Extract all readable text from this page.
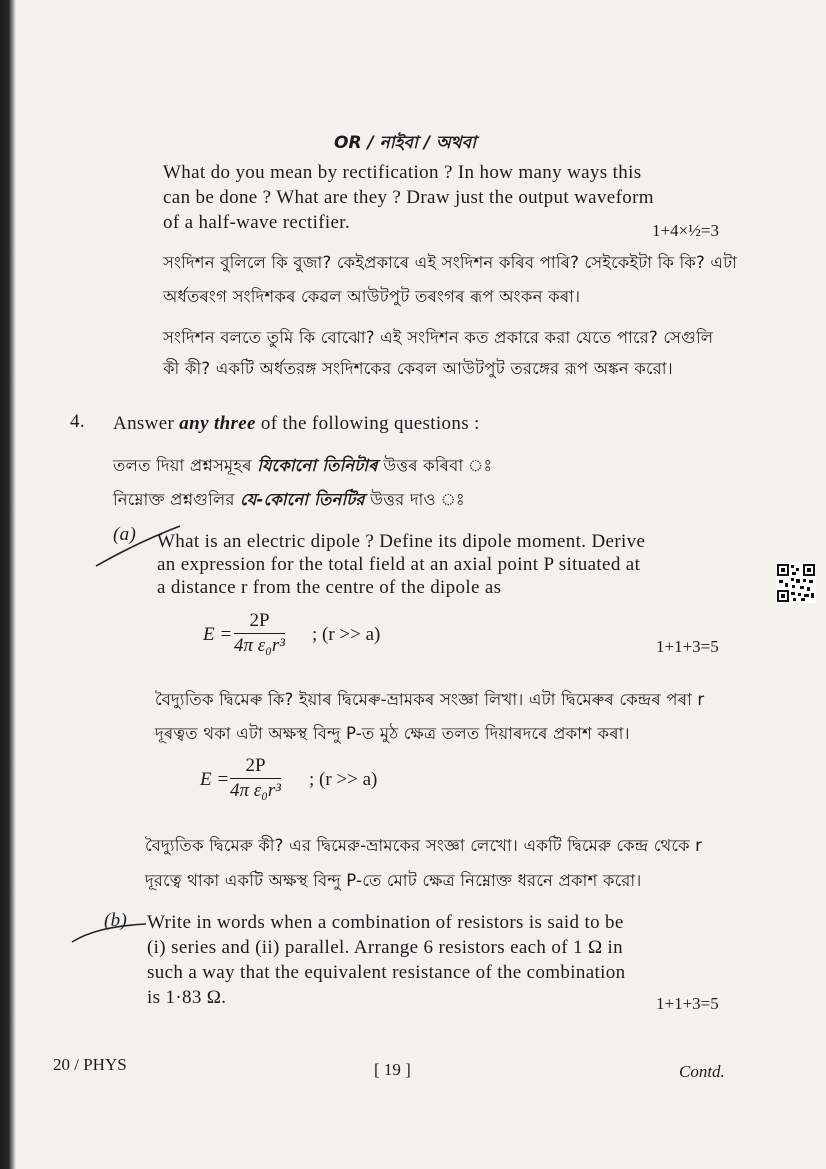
OR / নাইবা / অথবা
What do you mean by rectification ? In how many ways this
can be done ? What are they ? Draw just the output waveform
of a half-wave rectifier.	1+4×½=3
সংদিশন বুলিলে কি বুজা? কেইপ্রকাৰে এই সংদিশন কৰিব পাৰি? সেইকেইটা কি কি? এটা
অৰ্ধতৰংগ সংদিশকৰ কেৱল আউটপুট তৰংগৰ ৰূপ অংকন কৰা।
সংদিশন বলতে তুমি কি বোঝো? এই সংদিশন কত প্রকারে করা যেতে পারে? সেগুলি
কী কী? একটি অর্ধতরঙ্গ সংদিশকের কেবল আউটপুট তরঙ্গের রূপ অঙ্কন করো।
4. Answer any three of the following questions :
তলত দিয়া প্ৰশ্নসমূহৰ যিকোনো তিনিটাৰ উত্তৰ কৰিবা ঃ
নিম্নোক্ত প্রশ্নগুলির যে-কোনো তিনটির উত্তর দাও ঃ
(a) What is an electric dipole ? Define its dipole moment. Derive
an expression for the total field at an axial point P situated at
a distance r from the centre of the dipole as
$E = \frac{2P}{\text{4π ε₀r³}}$ ; (r >> a)
1+1+3=5
বৈদ্যুতিক দ্বিমেৰু কি? ইয়াৰ দ্বিমেৰু-ভ্ৰামকৰ সংজ্ঞা লিখা। এটা দ্বিমেৰুৰ কেন্দ্ৰৰ পৰা r
দূৰত্বত থকা এটা অক্ষস্থ বিন্দু P-ত মুঠ ক্ষেত্ৰ তলত দিয়াৰদৰে প্ৰকাশ কৰা।
$E = \frac{2P}{\text{4π ε₀r³}}$ ; (r >> a)
বৈদ্যুতিক দ্বিমেরু কী? এর দ্বিমেরু-ভ্রামকের সংজ্ঞা লেখো। একটি দ্বিমেরু কেন্দ্র থেকে r
দূরত্বে থাকা একটি অক্ষস্থ বিন্দু P-তে মোট ক্ষেত্র নিম্নোক্ত ধরনে প্রকাশ করো।
(b) Write in words when a combination of resistors is said to be
(i) series and (ii) parallel. Arrange 6 resistors each of 1 Ω in
such a way that the equivalent resistance of the combination
is 1·83 Ω.	1+1+3=5
20 / PHYS	[ 19 ]	Contd.
